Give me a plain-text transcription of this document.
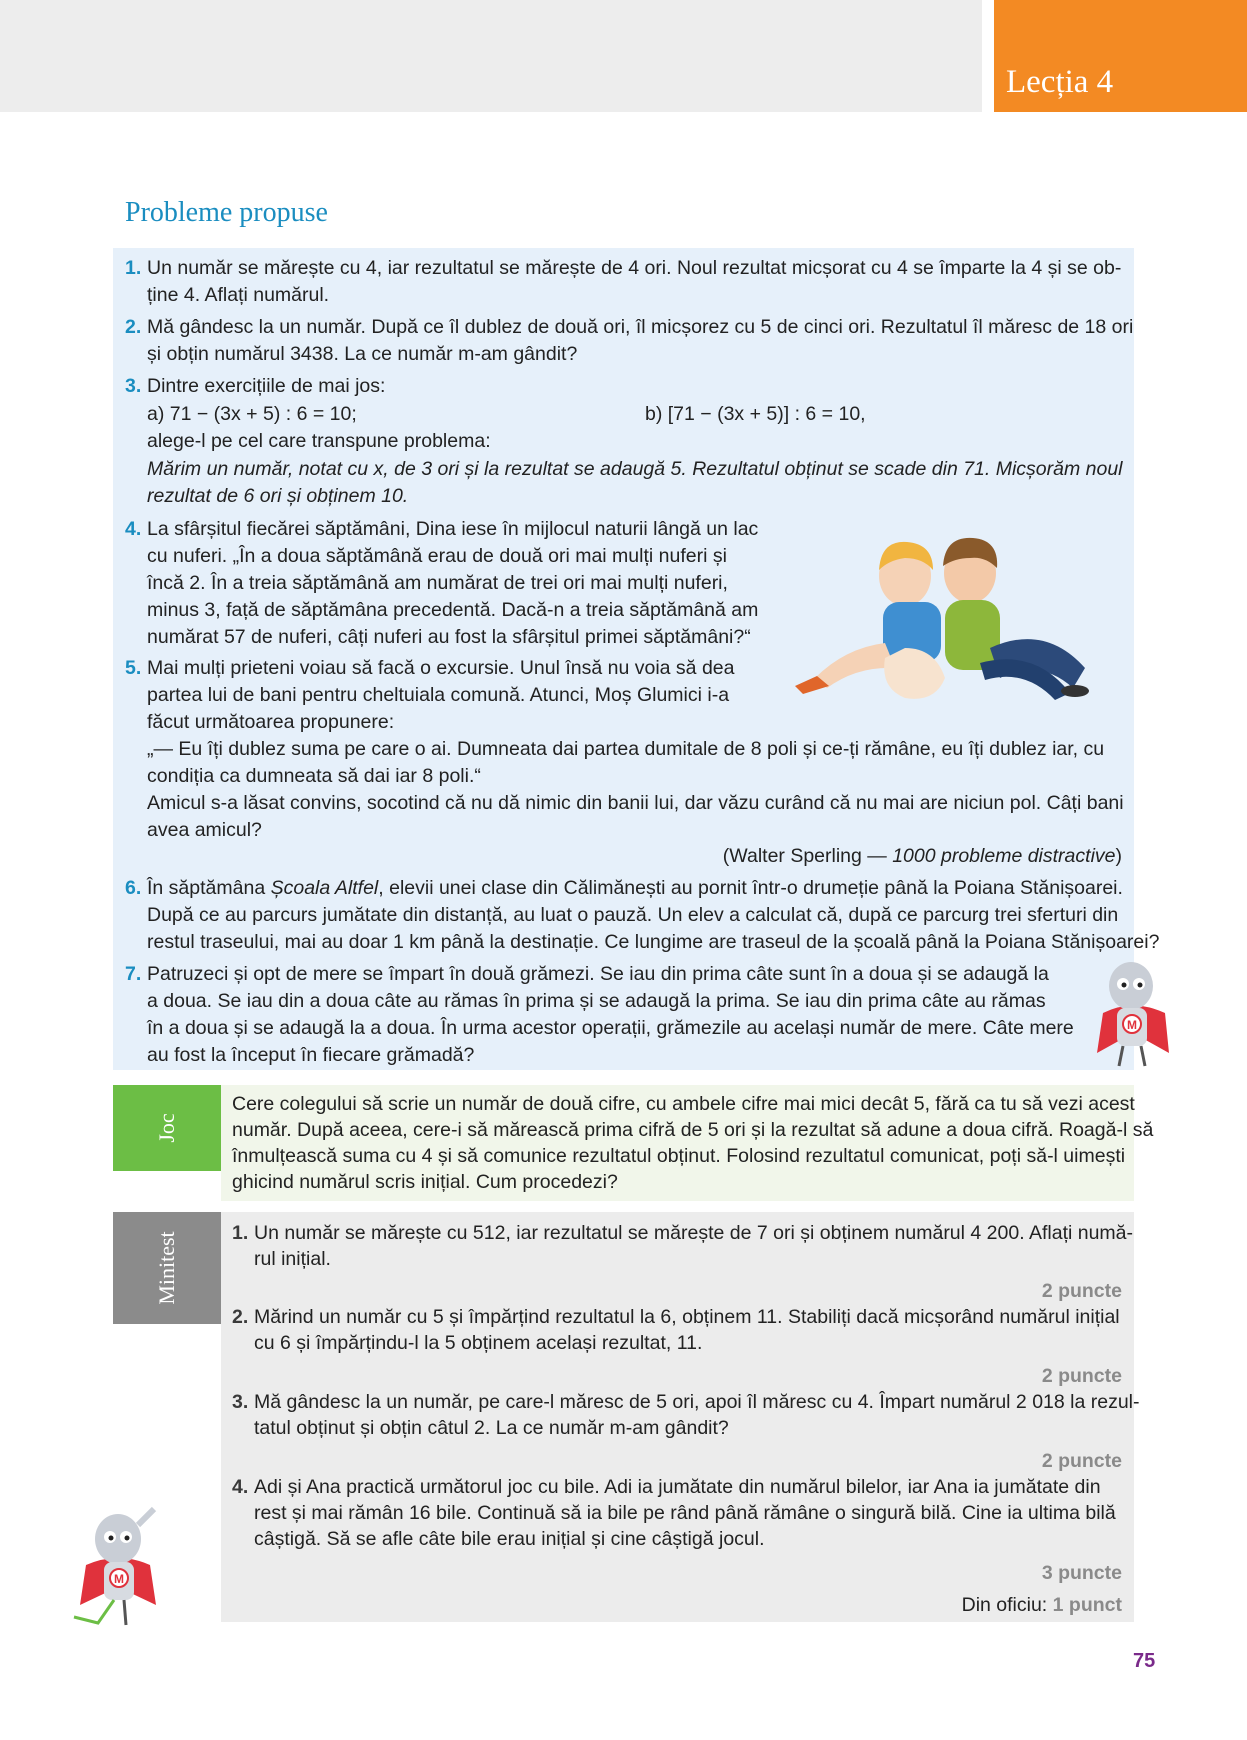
Lecția 4
Probleme propuse
1. Un număr se mărește cu 4, iar rezultatul se mărește de 4 ori. Noul rezultat micșorat cu 4 se împarte la 4 și se ob-
ține 4. Aflați numărul.
2. Mă gândesc la un număr. După ce îl dublez de două ori, îl micșorez cu 5 de cinci ori. Rezultatul îl măresc de 18 ori
și obțin numărul 3438. La ce număr m-am gândit?
3. Dintre exercițiile de mai jos:
a) 71 − (3x + 5) : 6 = 10;	b) [71 − (3x + 5)] : 6 = 10,
alege-l pe cel care transpune problema:
Mărim un număr, notat cu x, de 3 ori și la rezultat se adaugă 5. Rezultatul obținut se scade din 71. Micșorăm noul
rezultat de 6 ori și obținem 10.
4. La sfârșitul fiecărei săptămâni, Dina iese în mijlocul naturii lângă un lac
cu nuferi. „În a doua săptămână erau de două ori mai mulți nuferi și
încă 2. În a treia săptămână am numărat de trei ori mai mulți nuferi,
minus 3, față de săptămâna precedentă. Dacă-n a treia săptămână am
numărat 57 de nuferi, câți nuferi au fost la sfârșitul primei săptămâni?“
5. Mai mulți prieteni voiau să facă o excursie. Unul însă nu voia să dea
partea lui de bani pentru cheltuiala comună. Atunci, Moș Glumici i-a
făcut următoarea propunere:
„— Eu îți dublez suma pe care o ai. Dumneata dai partea dumitale de 8 poli și ce-ți rămâne, eu îți dublez iar, cu
condiția ca dumneata să dai iar 8 poli.“
Amicul s-a lăsat convins, socotind că nu dă nimic din banii lui, dar văzu curând că nu mai are niciun pol. Câți bani
avea amicul?
(Walter Sperling — 1000 probleme distractive)
6. În săptămâna Școala Altfel, elevii unei clase din Călimănești au pornit într-o drumeție până la Poiana Stănișoarei.
După ce au parcurs jumătate din distanță, au luat o pauză. Un elev a calculat că, după ce parcurg trei sferturi din
restul traseului, mai au doar 1 km până la destinație. Ce lungime are traseul de la școală până la Poiana Stănișoarei?
7. Patruzeci și opt de mere se împart în două grămezi. Se iau din prima câte sunt în a doua și se adaugă la
a doua. Se iau din a doua câte au rămas în prima și se adaugă la prima. Se iau din prima câte au rămas
în a doua și se adaugă la a doua. În urma acestor operații, grămezile au același număr de mere. Câte mere
au fost la început în fiecare grămadă?
M
Joc
Cere colegului să scrie un număr de două cifre, cu ambele cifre mai mici decât 5, fără ca tu să vezi acest
număr. După aceea, cere-i să mărească prima cifră de 5 ori și la rezultat să adune a doua cifră. Roagă-l să
înmulțească suma cu 4 și să comunice rezultatul obținut. Folosind rezultatul comunicat, poți să-l uimești
ghicind numărul scris inițial. Cum procedezi?
Minitest	1. Un număr se mărește cu 512, iar rezultatul se mărește de 7 ori și obținem numărul 4 200. Aflați numă-
rul inițial.
2 puncte
2. Mărind un număr cu 5 și împărțind rezultatul la 6, obținem 11. Stabiliți dacă micșorând numărul inițial
cu 6 și împărțindu-l la 5 obținem același rezultat, 11.
2 puncte
3. Mă gândesc la un număr, pe care-l măresc de 5 ori, apoi îl măresc cu 4. Împart numărul 2 018 la rezul-
tatul obținut și obțin câtul 2. La ce număr m-am gândit?
2 puncte
4. Adi și Ana practică următorul joc cu bile. Adi ia jumătate din numărul bilelor, iar Ana ia jumătate din
rest și mai rămân 16 bile. Continuă să ia bile pe rând până rămâne o singură bilă. Cine ia ultima bilă
câștigă. Să se afle câte bile erau inițial și cine câștigă jocul.
3 puncte
Din oficiu: 1 punct
M
75
